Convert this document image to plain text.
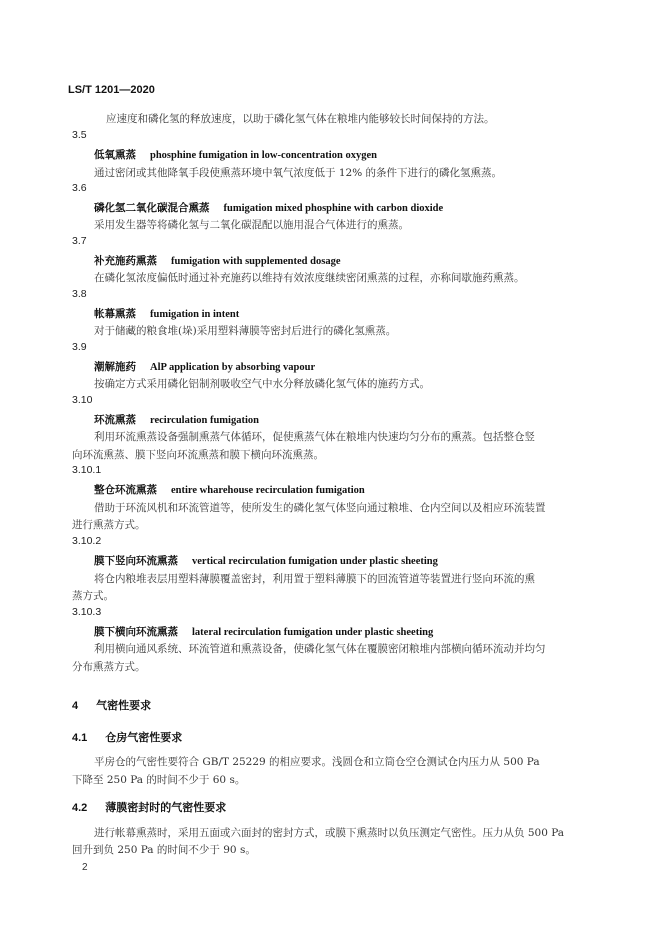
LS/T 1201—2020
应速度和磷化氢的释放速度，以助于磷化氢气体在粮堆内能够较长时间保持的方法。
3.5
低氧熏蒸 phosphine fumigation in low-concentration oxygen
通过密闭或其他降氧手段使熏蒸环境中氧气浓度低于 12% 的条件下进行的磷化氢熏蒸。
3.6
磷化氢二氧化碳混合熏蒸 fumigation mixed phosphine with carbon dioxide
采用发生器等将磷化氢与二氧化碳混配以施用混合气体进行的熏蒸。
3.7
补充施药熏蒸 fumigation with supplemented dosage
在磷化氢浓度偏低时通过补充施药以维持有效浓度继续密闭熏蒸的过程，亦称间歇施药熏蒸。
3.8
帐幕熏蒸 fumigation in intent
对于储藏的粮食堆(垛)采用塑料薄膜等密封后进行的磷化氢熏蒸。
3.9
潮解施药 AlP application by absorbing vapour
按确定方式采用磷化铝制剂吸收空气中水分释放磷化氢气体的施药方式。
3.10
环流熏蒸 recirculation fumigation
利用环流熏蒸设备强制熏蒸气体循环，促使熏蒸气体在粮堆内快速均匀分布的熏蒸。包括整仓竖
向环流熏蒸、膜下竖向环流熏蒸和膜下横向环流熏蒸。
3.10.1
整仓环流熏蒸 entire wharehouse recirculation fumigation
借助于环流风机和环流管道等，使所发生的磷化氢气体竖向通过粮堆、仓内空间以及相应环流装置
进行熏蒸方式。
3.10.2
膜下竖向环流熏蒸 vertical recirculation fumigation under plastic sheeting
将仓内粮堆表层用塑料薄膜覆盖密封，利用置于塑料薄膜下的回流管道等装置进行竖向环流的熏
蒸方式。
3.10.3
膜下横向环流熏蒸 lateral recirculation fumigation under plastic sheeting
利用横向通风系统、环流管道和熏蒸设备，使磷化氢气体在覆膜密闭粮堆内部横向循环流动并均匀
分布熏蒸方式。
4 气密性要求
4.1 仓房气密性要求
平房仓的气密性要符合 GB/T 25229 的相应要求。浅圆仓和立筒仓空仓测试仓内压力从 500 Pa
下降至 250 Pa 的时间不少于 60 s。
4.2 薄膜密封时的气密性要求
进行帐幕熏蒸时，采用五面或六面封的密封方式，或膜下熏蒸时以负压测定气密性。压力从负 500 Pa
回升到负 250 Pa 的时间不少于 90 s。
2
